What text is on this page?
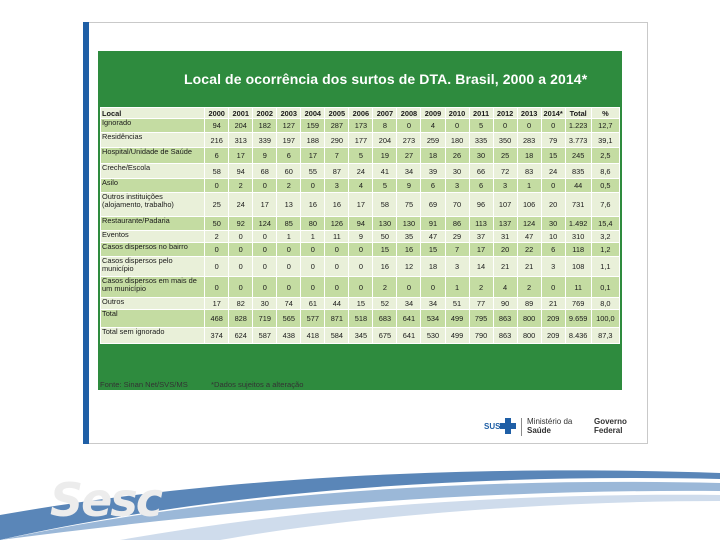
Local de ocorrência dos surtos de DTA. Brasil, 2000 a 2014*
Local	2000	2001	2002	2003	2004	2005	2006	2007	2008	2009	2010	2011	2012	2013	2014*	Total	%
Ignorado	94	204	182	127	159	287	173	8	0	4	0	5	0	0	0	1.223	12,7
Residências	216	313	339	197	188	290	177	204	273	259	180	335	350	283	79	3.773	39,1
Hospital/Unidade de Saúde	6	17	9	6	17	7	5	19	27	18	26	30	25	18	15	245	2,5
Creche/Escola	58	94	68	60	55	87	24	41	34	39	30	66	72	83	24	835	8,6
Asilo	0	2	0	2	0	3	4	5	9	6	3	6	3	1	0	44	0,5
Outros instituições (alojamento, trabalho)	25	24	17	13	16	16	17	58	75	69	70	96	107	106	20	731	7,6
Restaurante/Padaria	50	92	124	85	80	126	94	130	130	91	86	113	137	124	30	1.492	15,4
Eventos	2	0	0	1	1	11	9	50	35	47	29	37	31	47	10	310	3,2
Casos dispersos no bairro	0	0	0	0	0	0	0	15	16	15	7	17	20	22	6	118	1,2
Casos dispersos pelo município	0	0	0	0	0	0	0	16	12	18	3	14	21	21	3	108	1,1
Casos dispersos em mais de um município	0	0	0	0	0	0	0	2	0	0	1	2	4	2	0	11	0,1
Outros	17	82	30	74	61	44	15	52	34	34	51	77	90	89	21	769	8,0
Total	468	828	719	565	577	871	518	683	641	534	499	795	863	800	209	9.659	100,0
Total sem ignorado	374	624	587	438	418	584	345	675	641	530	499	790	863	800	209	8.436	87,3
Fonte: Sinan Net/SVS/MS	*Dados sujeitos a alteração
SUS
Ministério da
Saúde
Governo
Federal
Sesc
